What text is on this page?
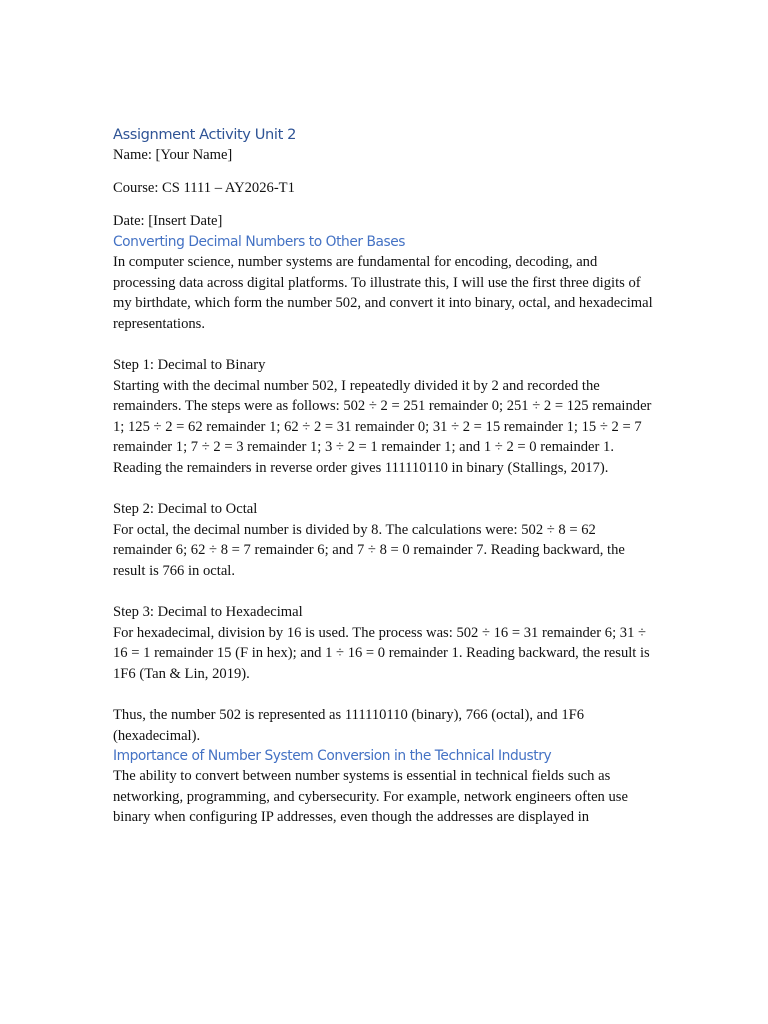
Assignment Activity Unit 2

Name: [Your Name]

Course: CS 1111 – AY2026-T1

Date: [Insert Date]

Converting Decimal Numbers to Other Bases

In computer science, number systems are fundamental for encoding, decoding, and processing data across digital platforms. To illustrate this, I will use the first three digits of my birthdate, which form the number 502, and convert it into binary, octal, and hexadecimal representations.

Step 1: Decimal to Binary

Starting with the decimal number 502, I repeatedly divided it by 2 and recorded the remainders. The steps were as follows: 502 ÷ 2 = 251 remainder 0; 251 ÷ 2 = 125 remainder 1; 125 ÷ 2 = 62 remainder 1; 62 ÷ 2 = 31 remainder 0; 31 ÷ 2 = 15 remainder 1; 15 ÷ 2 = 7 remainder 1; 7 ÷ 2 = 3 remainder 1; 3 ÷ 2 = 1 remainder 1; and 1 ÷ 2 = 0 remainder 1. Reading the remainders in reverse order gives 111110110 in binary (Stallings, 2017).

Step 2: Decimal to Octal

For octal, the decimal number is divided by 8. The calculations were: 502 ÷ 8 = 62 remainder 6; 62 ÷ 8 = 7 remainder 6; and 7 ÷ 8 = 0 remainder 7. Reading backward, the result is 766 in octal.

Step 3: Decimal to Hexadecimal

For hexadecimal, division by 16 is used. The process was: 502 ÷ 16 = 31 remainder 6; 31 ÷ 16 = 1 remainder 15 (F in hex); and 1 ÷ 16 = 0 remainder 1. Reading backward, the result is 1F6 (Tan & Lin, 2019).

Thus, the number 502 is represented as 111110110 (binary), 766 (octal), and 1F6 (hexadecimal).

Importance of Number System Conversion in the Technical Industry

The ability to convert between number systems is essential in technical fields such as networking, programming, and cybersecurity. For example, network engineers often use binary when configuring IP addresses, even though the addresses are displayed in
